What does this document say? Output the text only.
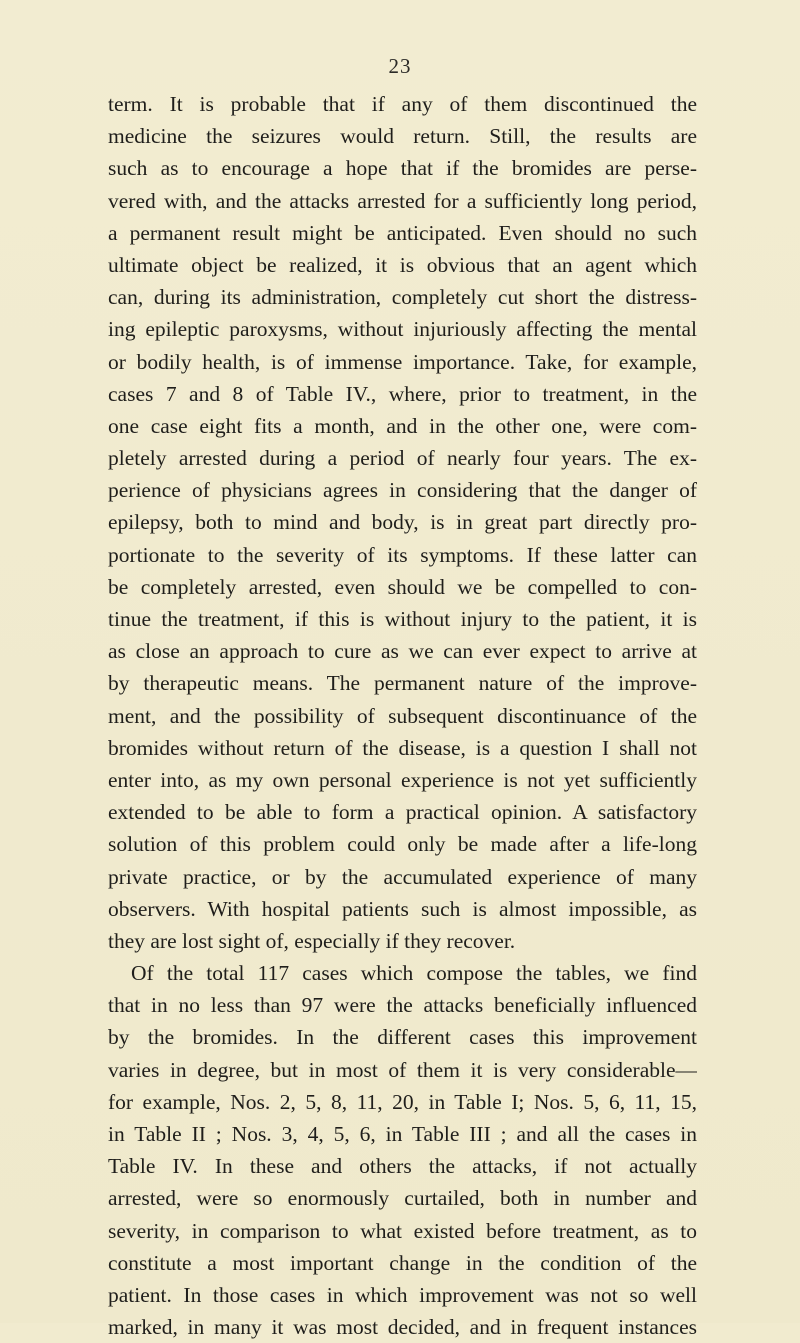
23
term. It is probable that if any of them discontinued the
medicine the seizures would return. Still, the results are
such as to encourage a hope that if the bromides are perse-
vered with, and the attacks arrested for a sufficiently long period,
a permanent result might be anticipated. Even should no such
ultimate object be realized, it is obvious that an agent which
can, during its administration, completely cut short the distress-
ing epileptic paroxysms, without injuriously affecting the mental
or bodily health, is of immense importance. Take, for example,
cases 7 and 8 of Table IV., where, prior to treatment, in the
one case eight fits a month, and in the other one, were com-
pletely arrested during a period of nearly four years. The ex-
perience of physicians agrees in considering that the danger of
epilepsy, both to mind and body, is in great part directly pro-
portionate to the severity of its symptoms. If these latter can
be completely arrested, even should we be compelled to con-
tinue the treatment, if this is without injury to the patient, it is
as close an approach to cure as we can ever expect to arrive at
by therapeutic means. The permanent nature of the improve-
ment, and the possibility of subsequent discontinuance of the
bromides without return of the disease, is a question I shall not
enter into, as my own personal experience is not yet sufficiently
extended to be able to form a practical opinion. A satisfactory
solution of this problem could only be made after a life-long
private practice, or by the accumulated experience of many
observers. With hospital patients such is almost impossible, as
they are lost sight of, especially if they recover.
Of the total 117 cases which compose the tables, we find
that in no less than 97 were the attacks beneficially influenced
by the bromides. In the different cases this improvement
varies in degree, but in most of them it is very considerable—
for example, Nos. 2, 5, 8, 11, 20, in Table I; Nos. 5, 6, 11, 15,
in Table II ; Nos. 3, 4, 5, 6, in Table III ; and all the cases in
Table IV. In these and others the attacks, if not actually
arrested, were so enormously curtailed, both in number and
severity, in comparison to what existed before treatment, as to
constitute a most important change in the condition of the
patient. In those cases in which improvement was not so well
marked, in many it was most decided, and in frequent instances
